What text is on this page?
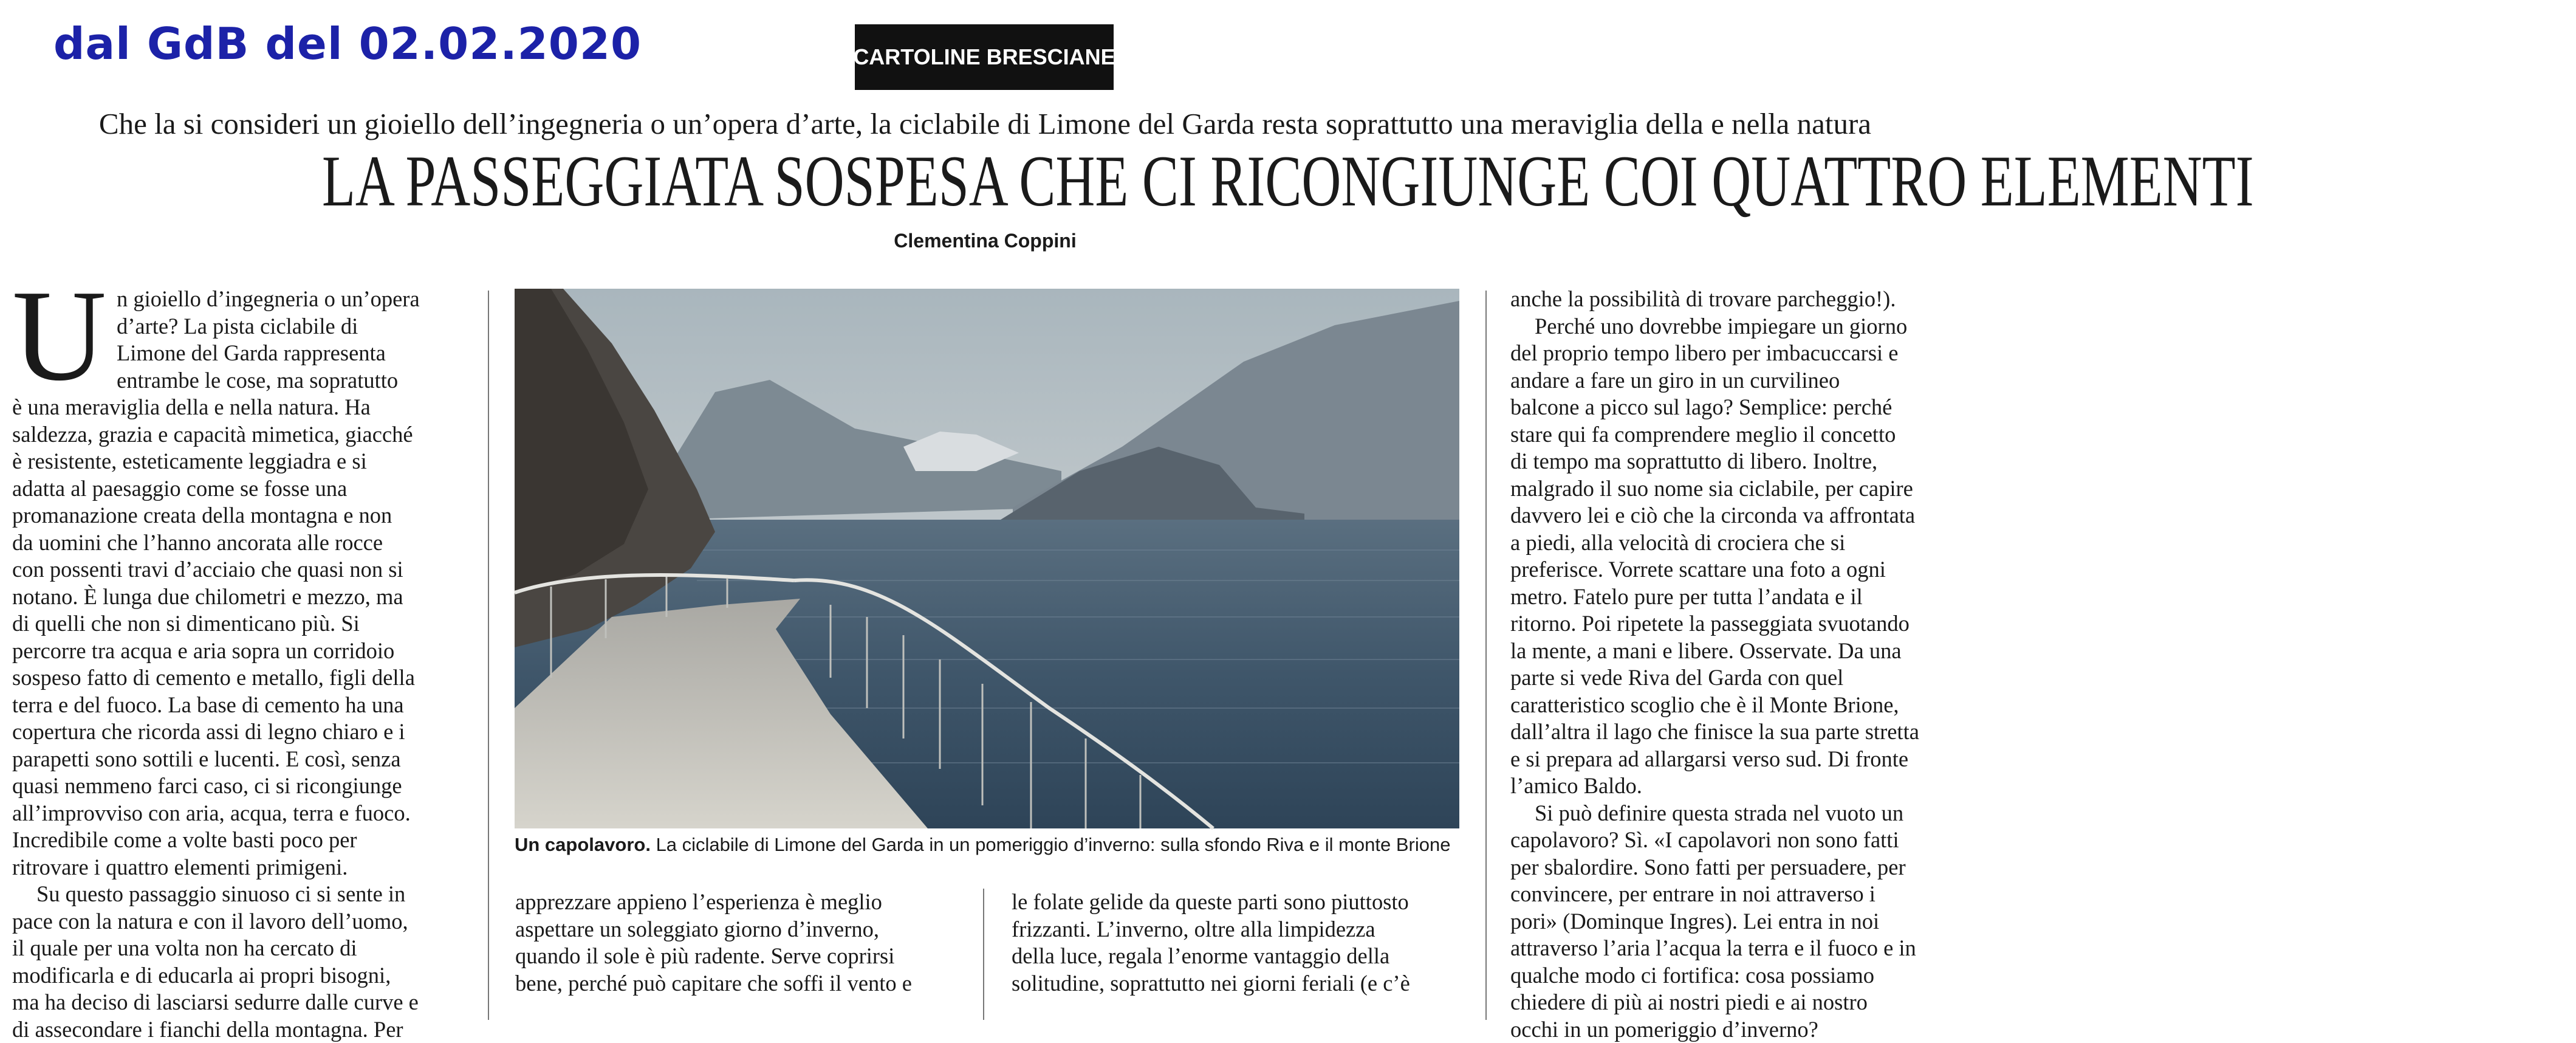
dal GdB del 02.02.2020	CARTOLINE BRESCIANE
Che la si consideri un gioiello dell’ingegneria o un’opera d’arte, la ciclabile di Limone del Garda resta soprattutto una meraviglia della e nella natura
LA PASSEGGIATA SOSPESA CHE CI RICONGIUNGE COI QUATTRO ELEMENTI
Clementina Coppini
U n gioiello d’ingegneria o un’opera
d’arte? La pista ciclabile di
Limone del Garda rappresenta
entrambe le cose, ma sopratutto
è una meraviglia della e nella natura. Ha
saldezza, grazia e capacità mimetica, giacché
è resistente, esteticamente leggiadra e si
adatta al paesaggio come se fosse una
promanazione creata della montagna e non
da uomini che l’hanno ancorata alle rocce
con possenti travi d’acciaio che quasi non si
notano. È lunga due chilometri e mezzo, ma
di quelli che non si dimenticano più. Si
percorre tra acqua e aria sopra un corridoio
sospeso fatto di cemento e metallo, figli della
terra e del fuoco. La base di cemento ha una
copertura che ricorda assi di legno chiaro e i
parapetti sono sottili e lucenti. E così, senza
quasi nemmeno farci caso, ci si ricongiunge
all’improvviso con aria, acqua, terra e fuoco.
Incredibile come a volte basti poco per
ritrovare i quattro elementi primigeni.
Su questo passaggio sinuoso ci si sente in
pace con la natura e con il lavoro dell’uomo,
il quale per una volta non ha cercato di
modificarla e di educarla ai propri bisogni,
ma ha deciso di lasciarsi sedurre dalle curve e
di assecondare i fianchi della montagna. Per
Un capolavoro. La ciclabile di Limone del Garda in un pomeriggio d’inverno: sulla sfondo Riva e il monte Brione
apprezzare appieno l’esperienza è meglio
aspettare un soleggiato giorno d’inverno,
quando il sole è più radente. Serve coprirsi
bene, perché può capitare che soffi il vento e
le folate gelide da queste parti sono piuttosto
frizzanti. L’inverno, oltre alla limpidezza
della luce, regala l’enorme vantaggio della
solitudine, soprattutto nei giorni feriali (e c’è
anche la possibilità di trovare parcheggio!).
Perché uno dovrebbe impiegare un giorno
del proprio tempo libero per imbacuccarsi e
andare a fare un giro in un curvilineo
balcone a picco sul lago? Semplice: perché
stare qui fa comprendere meglio il concetto
di tempo ma soprattutto di libero. Inoltre,
malgrado il suo nome sia ciclabile, per capire
davvero lei e ciò che la circonda va affrontata
a piedi, alla velocità di crociera che si
preferisce. Vorrete scattare una foto a ogni
metro. Fatelo pure per tutta l’andata e il
ritorno. Poi ripetete la passeggiata svuotando
la mente, a mani e libere. Osservate. Da una
parte si vede Riva del Garda con quel
caratteristico scoglio che è il Monte Brione,
dall’altra il lago che finisce la sua parte stretta
e si prepara ad allargarsi verso sud. Di fronte
l’amico Baldo.
Si può definire questa strada nel vuoto un
capolavoro? Sì. «I capolavori non sono fatti
per sbalordire. Sono fatti per persuadere, per
convincere, per entrare in noi attraverso i
pori» (Dominque Ingres). Lei entra in noi
attraverso l’aria l’acqua la terra e il fuoco e in
qualche modo ci fortifica: cosa possiamo
chiedere di più ai nostri piedi e ai nostro
occhi in un pomeriggio d’inverno?
